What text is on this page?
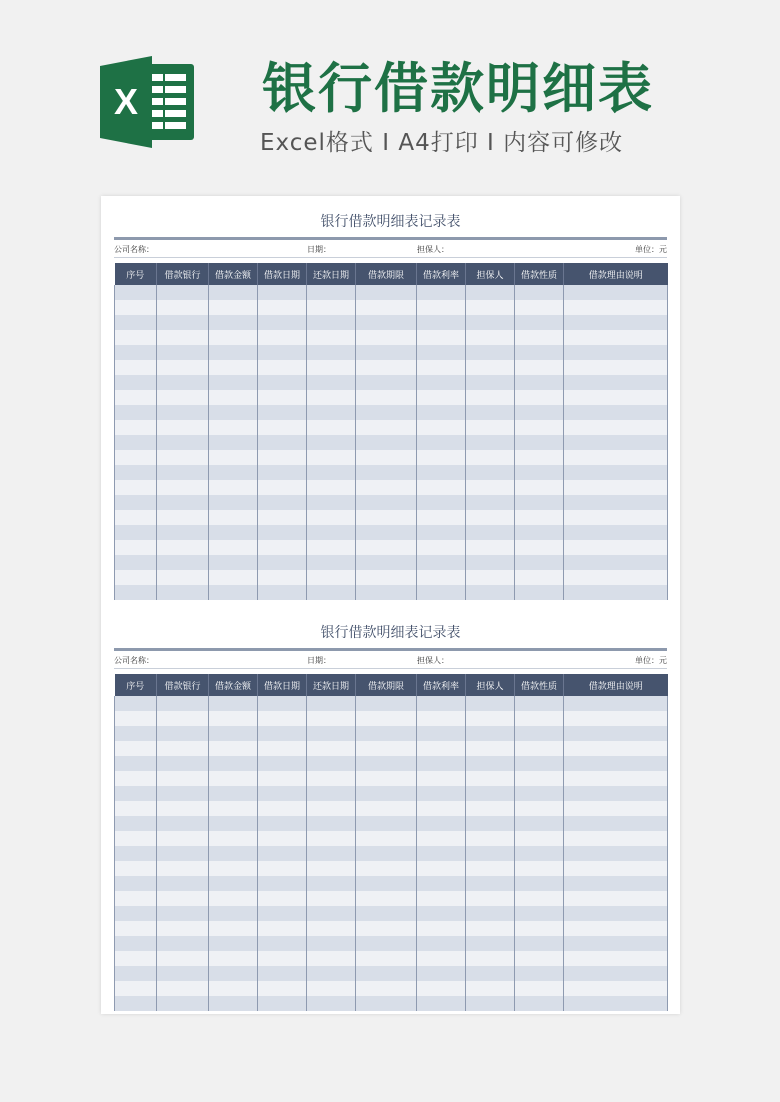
X 银行借款明细表
Excel格式 I A4打印 I 内容可修改
银行借款明细表记录表
公司名称：	日期：	担保人：	单位：元
序号	借款银行	借款金额	借款日期	还款日期	借款期限	借款利率	担保人	借款性质	借款理由说明

银行借款明细表记录表
公司名称：	日期：	担保人：	单位：元
序号	借款银行	借款金额	借款日期	还款日期	借款期限	借款利率	担保人	借款性质	借款理由说明
